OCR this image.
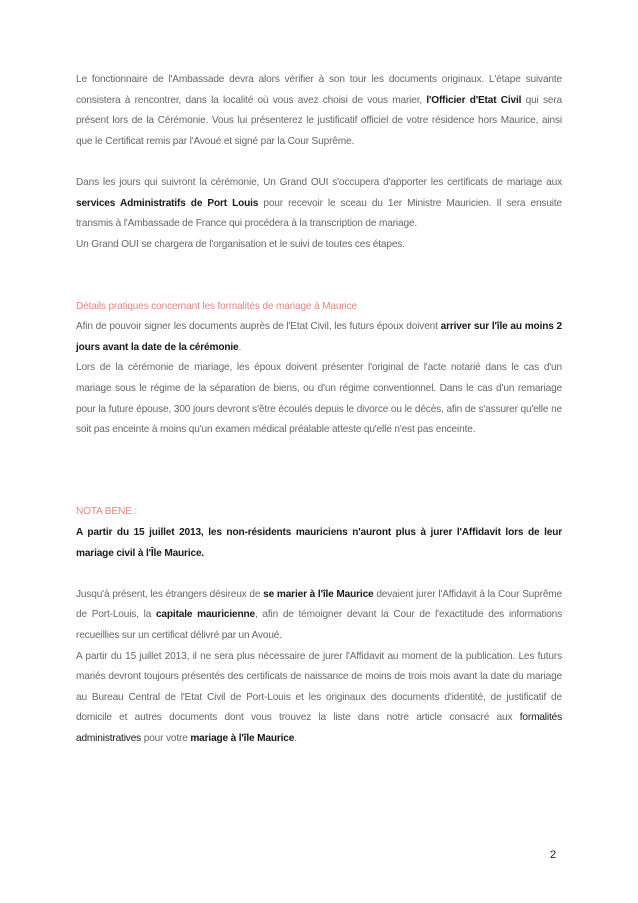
Le fonctionnaire de l'Ambassade devra alors vérifier à son tour les documents originaux. L'étape suivante consistera à rencontrer, dans la localité où vous avez choisi de vous marier, l'Officier d'Etat Civil qui sera présent lors de la Cérémonie. Vous lui présenterez le justificatif officiel de votre résidence hors Maurice, ainsi que le Certificat remis par l'Avoué et signé par la Cour Suprême.

Dans les jours qui suivront la cérémonie, Un Grand OUI s'occupera d'apporter les certificats de mariage aux services Administratifs de Port Louis pour recevoir le sceau du 1er Ministre Mauricien. Il sera ensuite transmis à l'Ambassade de France qui procédera à la transcription de mariage.
Un Grand OUI se chargera de l'organisation et le suivi de toutes ces étapes.

Détails pratiques concernant les formalités de mariage à Maurice

Afin de pouvoir signer les documents auprès de l'Etat Civil, les futurs époux doivent arriver sur l'île au moins 2 jours avant la date de la cérémonie.
Lors de la cérémonie de mariage, les époux doivent présenter l'original de l'acte notarié dans le cas d'un mariage sous le régime de la séparation de biens, ou d'un régime conventionnel. Dans le cas d'un remariage pour la future épouse, 300 jours devront s'être écoulés depuis le divorce ou le décès, afin de s'assurer qu'elle ne soit pas enceinte à moins qu'un examen médical préalable atteste qu'elle n'est pas enceinte.

NOTA BENE :

A partir du 15 juillet 2013, les non-résidents mauriciens n'auront plus à jurer l'Affidavit lors de leur mariage civil à l'Île Maurice.

Jusqu'à présent, les étrangers désireux de se marier à l'île Maurice devaient jurer l'Affidavit à la Cour Suprême de Port-Louis, la capitale mauricienne, afin de témoigner devant la Cour de l'exactitude des informations recueillies sur un certificat délivré par un Avoué.
A partir du 15 juillet 2013, il ne sera plus nécessaire de jurer l'Affidavit au moment de la publication. Les futurs mariés devront toujours présentés des certificats de naissance de moins de trois mois avant la date du mariage au Bureau Central de l'Etat Civil de Port-Louis et les originaux des documents d'identité, de justificatif de domicile et autres documents dont vous trouvez la liste dans notre article consacré aux formalités administratives pour votre mariage à l'île Maurice.

2
